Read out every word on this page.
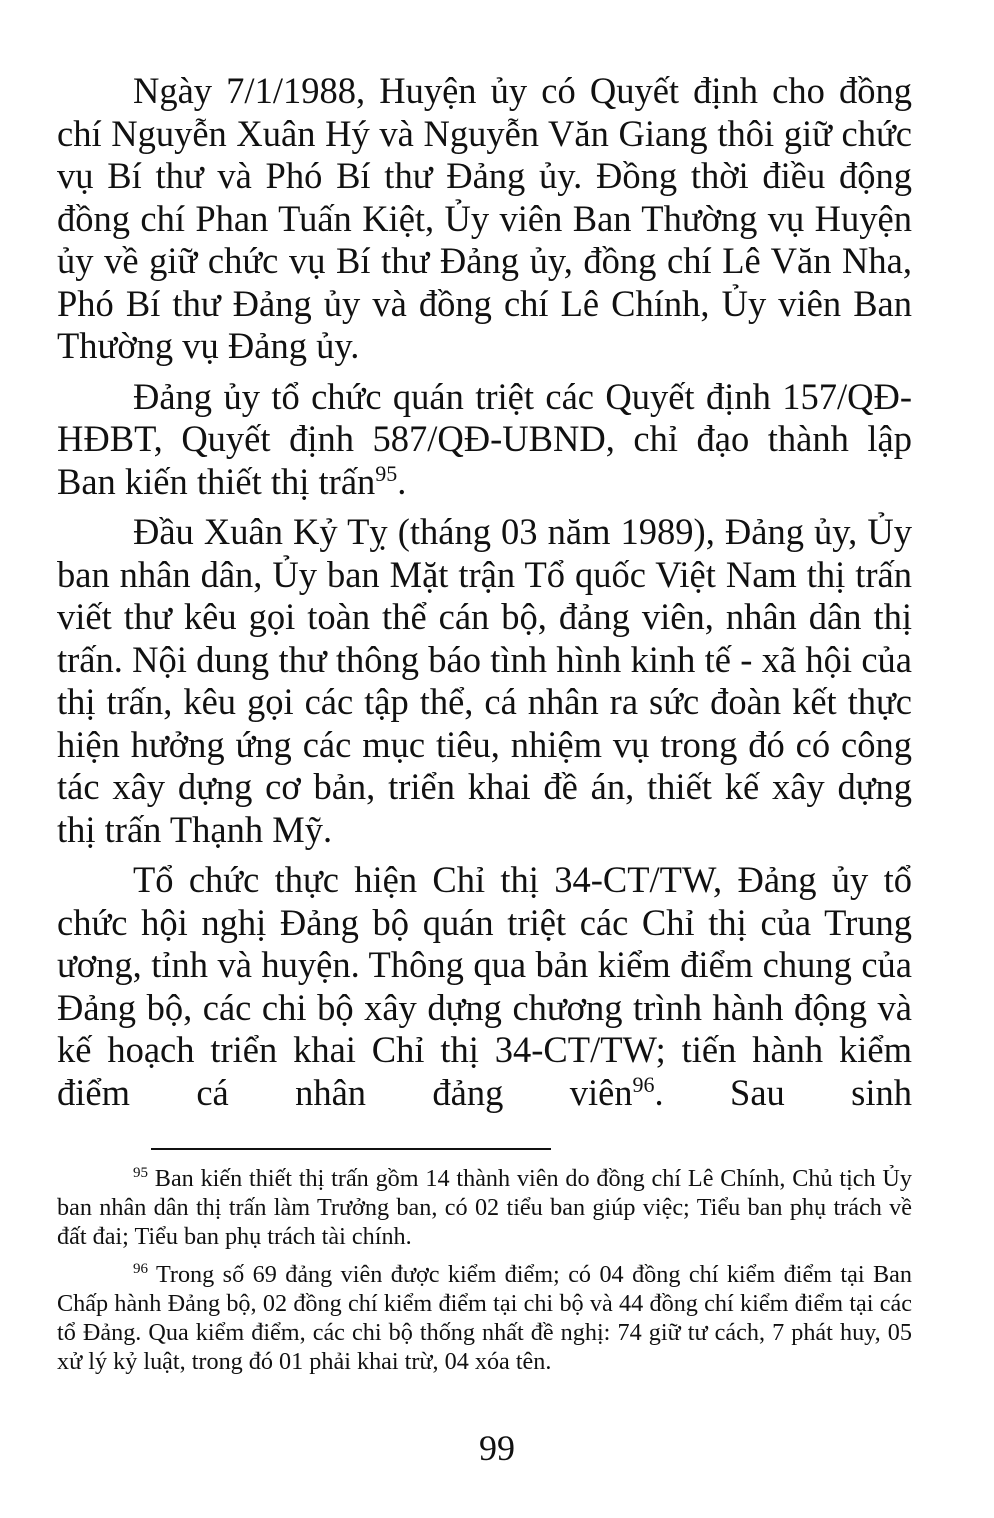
Ngày 7/1/1988, Huyện ủy có Quyết định cho đồng chí Nguyễn Xuân Hý và Nguyễn Văn Giang thôi giữ chức vụ Bí thư và Phó Bí thư Đảng ủy. Đồng thời điều động đồng chí Phan Tuấn Kiệt, Ủy viên Ban Thường vụ Huyện ủy về giữ chức vụ Bí thư Đảng ủy, đồng chí Lê Văn Nha, Phó Bí thư Đảng ủy và đồng chí Lê Chính, Ủy viên Ban Thường vụ Đảng ủy.

Đảng ủy tổ chức quán triệt các Quyết định 157/QĐ-HĐBT, Quyết định 587/QĐ-UBND, chỉ đạo thành lập Ban kiến thiết thị trấn$^{95}$.

Đầu Xuân Kỷ Tỵ (tháng 03 năm 1989), Đảng ủy, Ủy ban nhân dân, Ủy ban Mặt trận Tổ quốc Việt Nam thị trấn viết thư kêu gọi toàn thể cán bộ, đảng viên, nhân dân thị trấn. Nội dung thư thông báo tình hình kinh tế - xã hội của thị trấn, kêu gọi các tập thể, cá nhân ra sức đoàn kết thực hiện hưởng ứng các mục tiêu, nhiệm vụ trong đó có công tác xây dựng cơ bản, triển khai đề án, thiết kế xây dựng thị trấn Thạnh Mỹ.

Tổ chức thực hiện Chỉ thị 34-CT/TW, Đảng ủy tổ chức hội nghị Đảng bộ quán triệt các Chỉ thị của Trung ương, tỉnh và huyện. Thông qua bản kiểm điểm chung của Đảng bộ, các chi bộ xây dựng chương trình hành động và kế hoạch triển khai Chỉ thị 34-CT/TW; tiến hành kiểm điểm cá nhân đảng viên$^{96}$. Sau sinh

$^{95}$ Ban kiến thiết thị trấn gồm 14 thành viên do đồng chí Lê Chính, Chủ tịch Ủy ban nhân dân thị trấn làm Trưởng ban, có 02 tiểu ban giúp việc; Tiểu ban phụ trách về đất đai; Tiểu ban phụ trách tài chính.

$^{96}$ Trong số 69 đảng viên được kiểm điểm; có 04 đồng chí kiểm điểm tại Ban Chấp hành Đảng bộ, 02 đồng chí kiểm điểm tại chi bộ và 44 đồng chí kiểm điểm tại các tổ Đảng. Qua kiểm điểm, các chi bộ thống nhất đề nghị: 74 giữ tư cách, 7 phát huy, 05 xử lý kỷ luật, trong đó 01 phải khai trừ, 04 xóa tên.

99
